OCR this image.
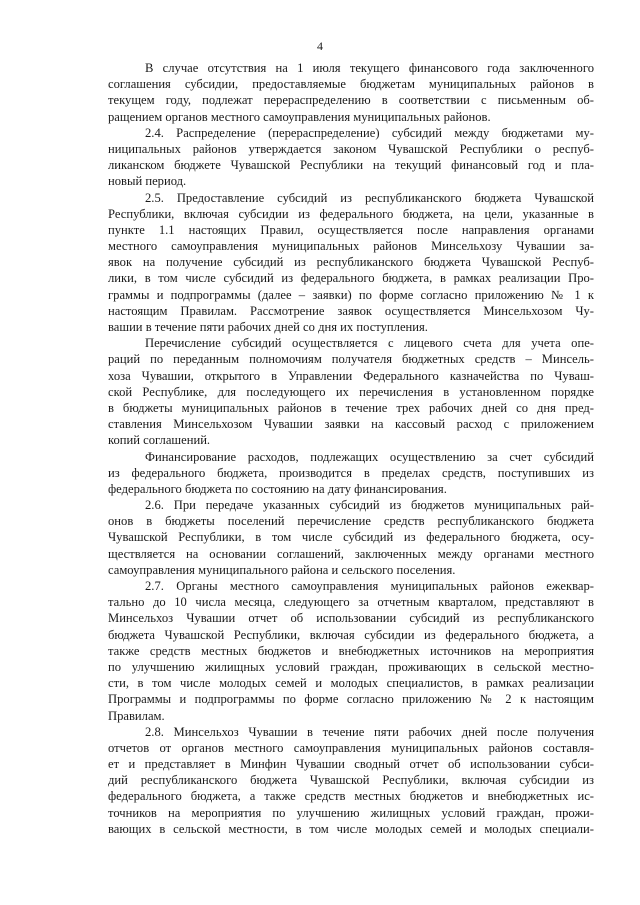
4
В случае отсутствия на 1 июля текущего финансового года заключенного
соглашения субсидии, предоставляемые бюджетам муниципальных районов в
текущем году, подлежат перераспределению в соответствии с письменным об-
ращением органов местного самоуправления муниципальных районов.
2.4. Распределение (перераспределение) субсидий между бюджетами му-
ниципальных районов утверждается законом Чувашской Республики о респуб-
ликанском бюджете Чувашской Республики на текущий финансовый год и пла-
новый период.
2.5. Предоставление субсидий из республиканского бюджета Чувашской
Республики, включая субсидии из федерального бюджета, на цели, указанные в
пункте 1.1 настоящих Правил, осуществляется после направления органами
местного самоуправления муниципальных районов Минсельхозу Чувашии за-
явок на получение субсидий из республиканского бюджета Чувашской Респуб-
лики, в том числе субсидий из федерального бюджета, в рамках реализации Про-
граммы и подпрограммы (далее – заявки) по форме согласно приложению № 1 к
настоящим Правилам. Рассмотрение заявок осуществляется Минсельхозом Чу-
вашии в течение пяти рабочих дней со дня их поступления.
Перечисление субсидий осуществляется с лицевого счета для учета опе-
раций по переданным полномочиям получателя бюджетных средств – Минсель-
хоза Чувашии, открытого в Управлении Федерального казначейства по Чуваш-
ской Республике, для последующего их перечисления в установленном порядке
в бюджеты муниципальных районов в течение трех рабочих дней со дня пред-
ставления Минсельхозом Чувашии заявки на кассовый расход с приложением
копий соглашений.
Финансирование расходов, подлежащих осуществлению за счет субсидий
из федерального бюджета, производится в пределах средств, поступивших из
федерального бюджета по состоянию на дату финансирования.
2.6. При передаче указанных субсидий из бюджетов муниципальных рай-
онов в бюджеты поселений перечисление средств республиканского бюджета
Чувашской Республики, в том числе субсидий из федерального бюджета, осу-
ществляется на основании соглашений, заключенных между органами местного
самоуправления муниципального района и сельского поселения.
2.7. Органы местного самоуправления муниципальных районов ежеквар-
тально до 10 числа месяца, следующего за отчетным кварталом, представляют в
Минсельхоз Чувашии отчет об использовании субсидий из республиканского
бюджета Чувашской Республики, включая субсидии из федерального бюджета, а
также средств местных бюджетов и внебюджетных источников на мероприятия
по улучшению жилищных условий граждан, проживающих в сельской местно-
сти, в том числе молодых семей и молодых специалистов, в рамках реализации
Программы и подпрограммы по форме согласно приложению № 2 к настоящим
Правилам.
2.8. Минсельхоз Чувашии в течение пяти рабочих дней после получения
отчетов от органов местного самоуправления муниципальных районов составля-
ет и представляет в Минфин Чувашии сводный отчет об использовании субси-
дий республиканского бюджета Чувашской Республики, включая субсидии из
федерального бюджета, а также средств местных бюджетов и внебюджетных ис-
точников на мероприятия по улучшению жилищных условий граждан, прожи-
вающих в сельской местности, в том числе молодых семей и молодых специали-
